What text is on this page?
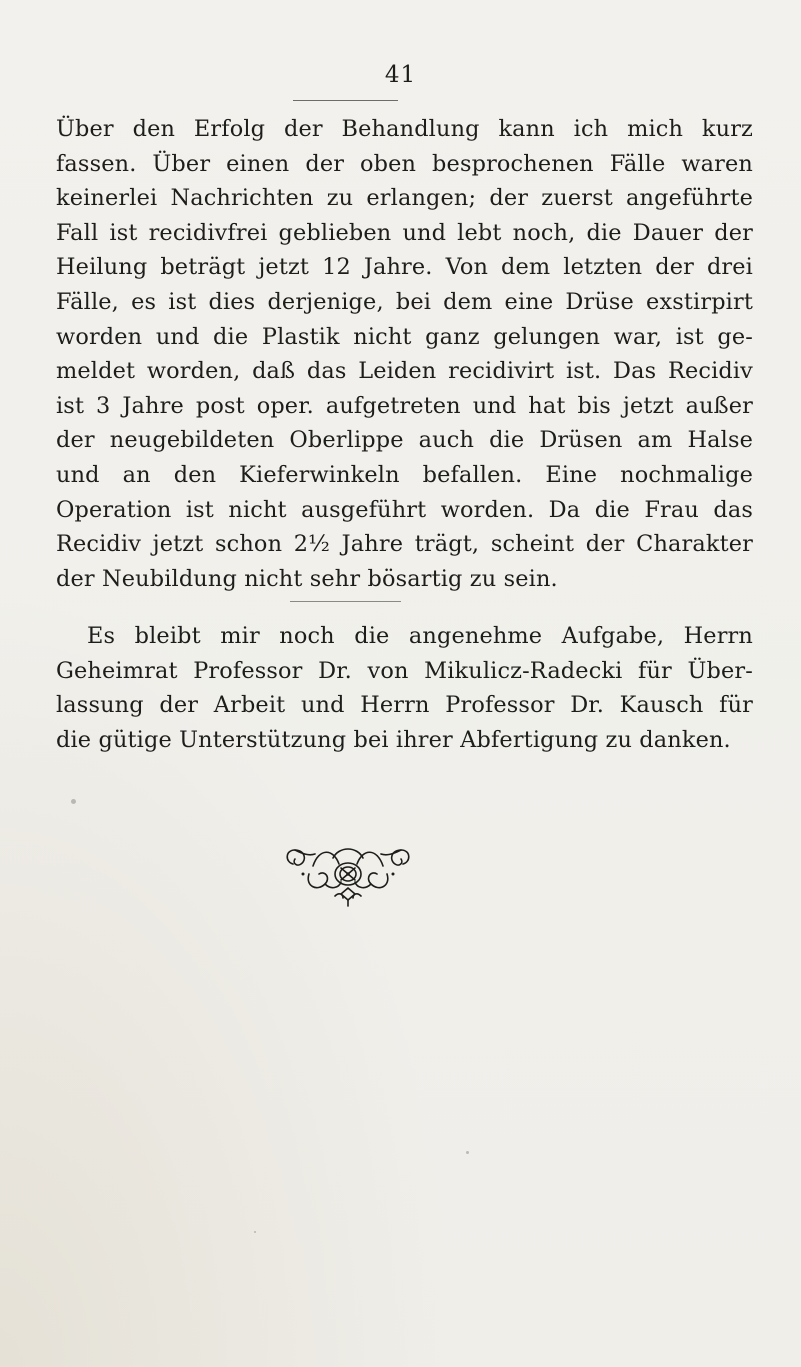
41
Über den Erfolg der Behandlung kann ich mich kurz
fassen. Über einen der oben besprochenen Fälle waren
keinerlei Nachrichten zu erlangen; der zuerst angeführte
Fall ist recidivfrei geblieben und lebt noch, die Dauer der
Heilung beträgt jetzt 12 Jahre. Von dem letzten der drei
Fälle, es ist dies derjenige, bei dem eine Drüse exstirpirt
worden und die Plastik nicht ganz gelungen war, ist ge-
meldet worden, daß das Leiden recidivirt ist. Das Recidiv
ist 3 Jahre post oper. aufgetreten und hat bis jetzt außer
der neugebildeten Oberlippe auch die Drüsen am Halse
und an den Kieferwinkeln befallen. Eine nochmalige
Operation ist nicht ausgeführt worden. Da die Frau das
Recidiv jetzt schon 2½ Jahre trägt, scheint der Charakter
der Neubildung nicht sehr bösartig zu sein.
Es bleibt mir noch die angenehme Aufgabe, Herrn
Geheimrat Professor Dr. von Mikulicz-Radecki für Über-
lassung der Arbeit und Herrn Professor Dr. Kausch für
die gütige Unterstützung bei ihrer Abfertigung zu danken.
